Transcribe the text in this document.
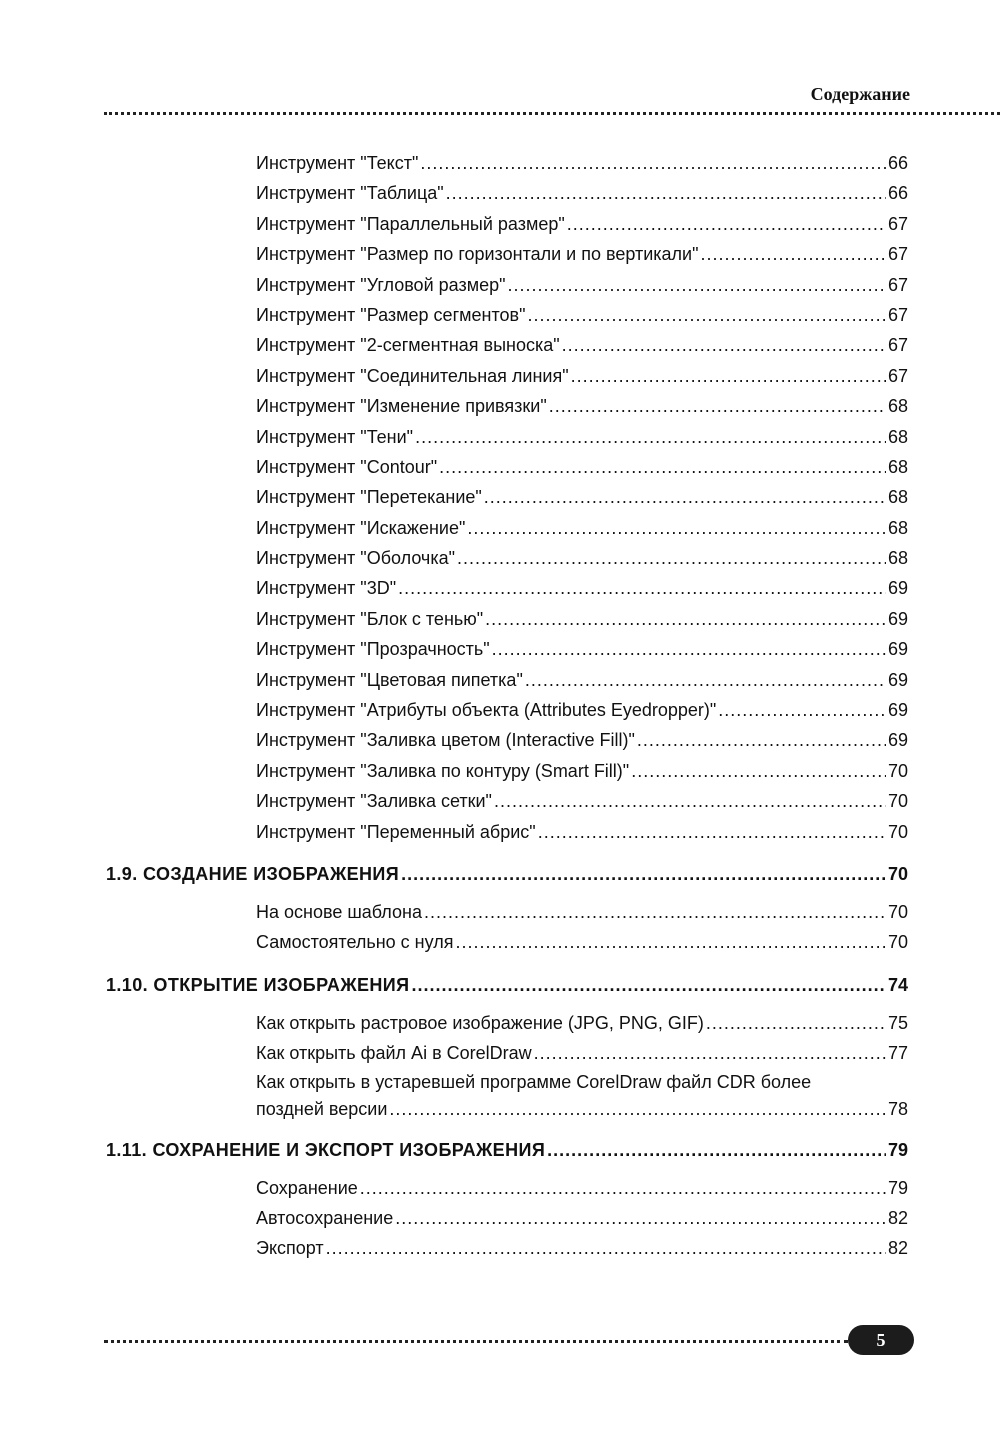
Содержание
Инструмент "Текст" . . .	66
Инструмент "Таблица" . . .	66
Инструмент "Параллельный размер" . . .	67
Инструмент "Размер по горизонтали и по вертикали" . . .	67
Инструмент "Угловой размер" . . .	67
Инструмент "Размер сегментов" . . .	67
Инструмент "2-сегментная выноска" . . .	67
Инструмент "Соединительная линия" . . .	67
Инструмент "Изменение привязки" . . .	68
Инструмент "Тени" . . .	68
Инструмент "Contour" . . .	68
Инструмент "Перетекание" . . .	68
Инструмент "Искажение" . . .	68
Инструмент "Оболочка" . . .	68
Инструмент "3D" . . .	69
Инструмент "Блок с тенью" . . .	69
Инструмент "Прозрачность" . . .	69
Инструмент "Цветовая пипетка" . . .	69
Инструмент "Атрибуты объекта (Attributes Eyedropper)" . . .	69
Инструмент "Заливка цветом (Interactive Fill)" . . .	69
Инструмент "Заливка по контуру (Smart Fill)" . . .	70
Инструмент "Заливка сетки" . . .	70
Инструмент "Переменный абрис" . . .	70
1.9. СОЗДАНИЕ ИЗОБРАЖЕНИЯ . . .	70
На основе шаблона . . .	70
Самостоятельно с нуля . . .	70
1.10. ОТКРЫТИЕ ИЗОБРАЖЕНИЯ . . .	74
Как открыть растровое изображение (JPG, PNG, GIF) . . .	75
Как открыть файл Ai в CorelDraw . . .	77
Как открыть в устаревшей программе CorelDraw файл CDR более
поздней версии . . .	78
1.11. СОХРАНЕНИЕ И ЭКСПОРТ ИЗОБРАЖЕНИЯ . . .	79
Сохранение . . .	79
Автосохранение . . .	82
Экспорт . . .	82
5
